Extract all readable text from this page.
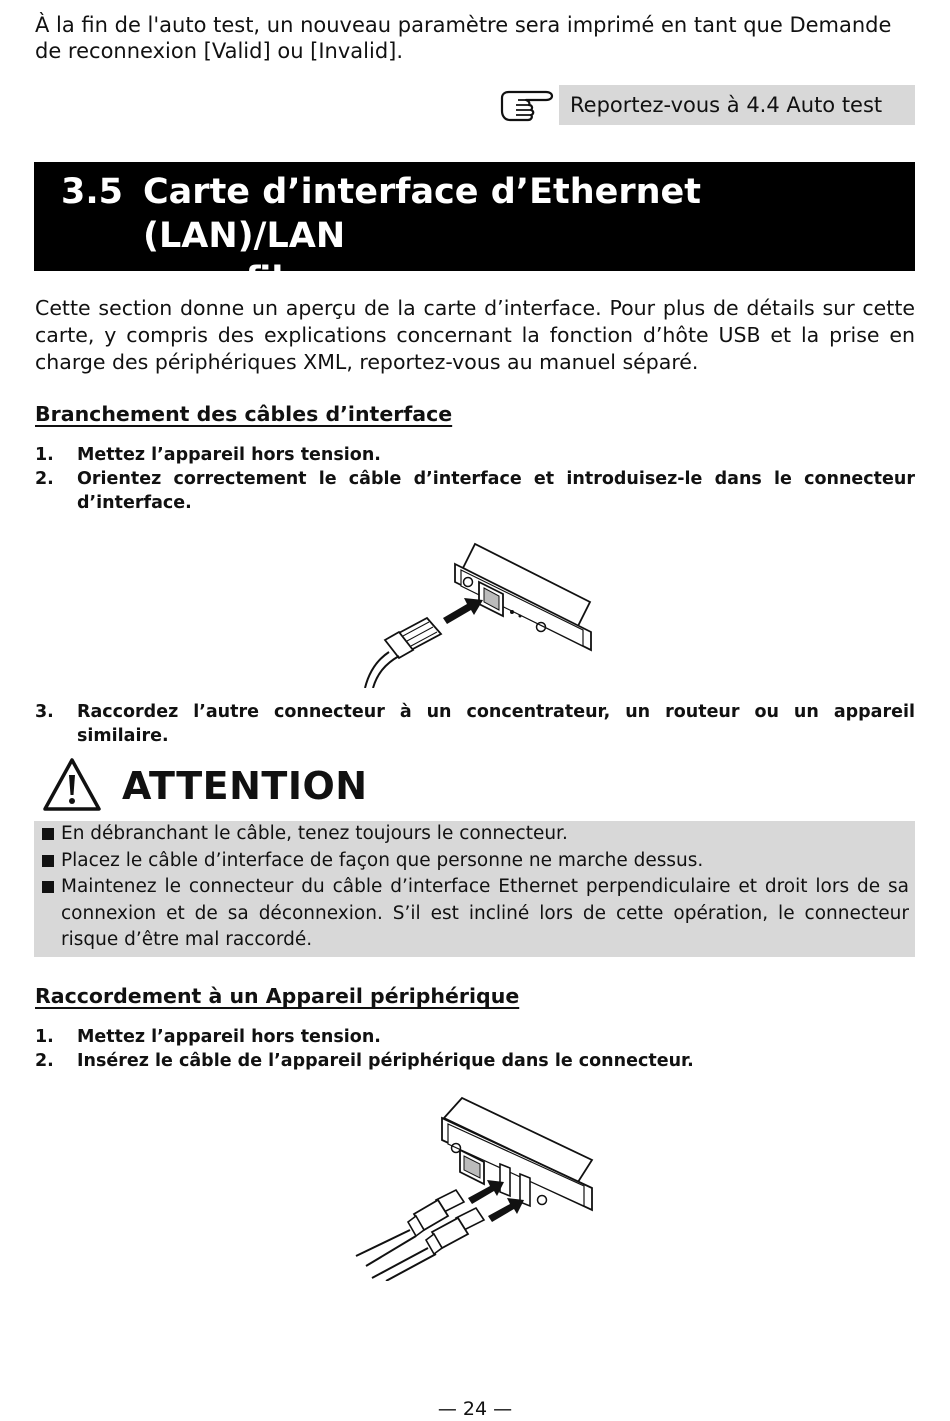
À la fin de l'auto test, un nouveau paramètre sera imprimé en tant que Demande de reconnexion [Valid] ou [Invalid].

Reportez-vous à 4.4 Auto test
3.5 Carte d’interface d’Ethernet (LAN)/LAN
sans fil

Cette section donne un aperçu de la carte d’interface. Pour plus de détails sur cette carte, y compris des explications concernant la fonction d’hôte USB et la prise en charge des périphériques XML, reportez-vous au manuel séparé.

Branchement des câbles d’interface
1. Mettez l’appareil hors tension.
2. Orientez correctement le câble d’interface et introduisez-le dans le connecteur d’interface.
3. Raccordez l’autre connecteur à un concentrateur, un routeur ou un appareil similaire.
ATTENTION
En débranchant le câble, tenez toujours le connecteur.
Placez le câble d’interface de façon que personne ne marche dessus.
Maintenez le connecteur du câble d’interface Ethernet perpendiculaire et droit lors de sa connexion et de sa déconnexion. S’il est incliné lors de cette opération, le connecteur risque d’être mal raccordé.
Raccordement à un Appareil périphérique
1. Mettez l’appareil hors tension.
2. Insérez le câble de l’appareil périphérique dans le connecteur.
— 24 —
